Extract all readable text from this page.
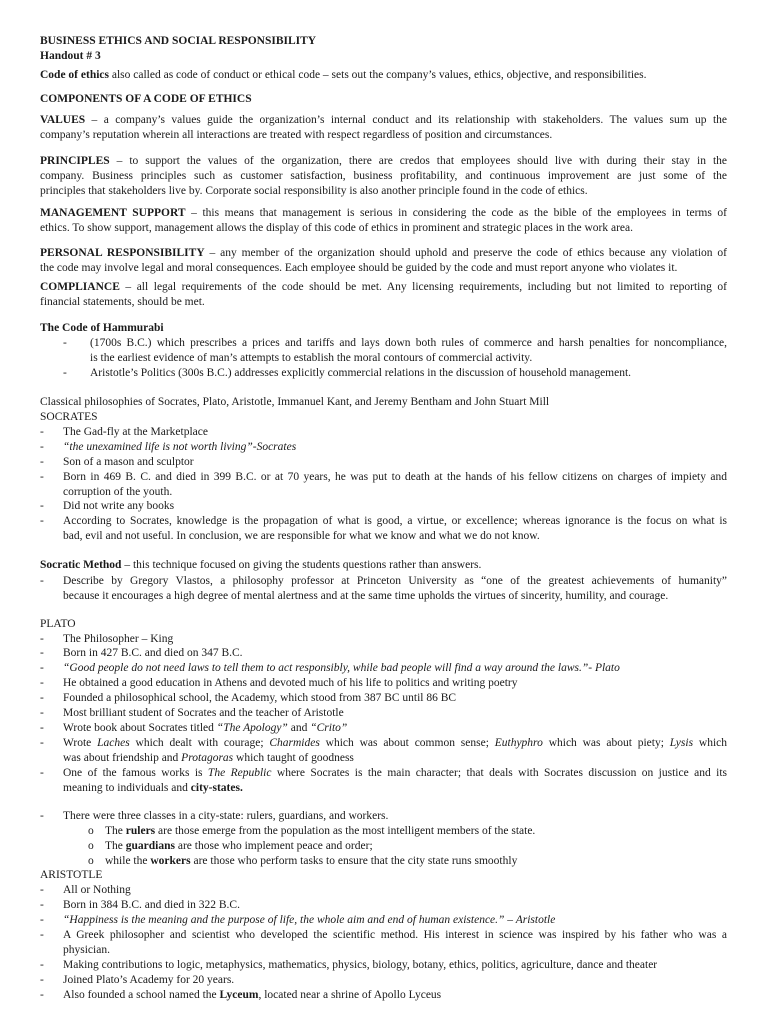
BUSINESS ETHICS AND SOCIAL RESPONSIBILITY
Handout # 3
Code of ethics also called as code of conduct or ethical code – sets out the company’s values, ethics, objective, and responsibilities.
COMPONENTS OF A CODE OF ETHICS
VALUES – a company’s values guide the organization’s internal conduct and its relationship with stakeholders. The values sum up the
company’s reputation wherein all interactions are treated with respect regardless of position and circumstances.
PRINCIPLES – to support the values of the organization, there are credos that employees should live with during their stay in the
company. Business principles such as customer satisfaction, business profitability, and continuous improvement are just some of the
principles that stakeholders live by. Corporate social responsibility is also another principle found in the code of ethics.
MANAGEMENT SUPPORT – this means that management is serious in considering the code as the bible of the employees in terms of
ethics. To show support, management allows the display of this code of ethics in prominent and strategic places in the work area.
PERSONAL RESPONSIBILITY – any member of the organization should uphold and preserve the code of ethics because any violation of
the code may involve legal and moral consequences. Each employee should be guided by the code and must report anyone who violates it.
COMPLIANCE – all legal requirements of the code should be met. Any licensing requirements, including but not limited to reporting of
financial statements, should be met.
The Code of Hammurabi
- (1700s B.C.) which prescribes a prices and tariffs and lays down both rules of commerce and harsh penalties for noncompliance,
is the earliest evidence of man’s attempts to establish the moral contours of commercial activity.
- Aristotle’s Politics (300s B.C.) addresses explicitly commercial relations in the discussion of household management.
Classical philosophies of Socrates, Plato, Aristotle, Immanuel Kant, and Jeremy Bentham and John Stuart Mill
SOCRATES
- The Gad-fly at the Marketplace
- “the unexamined life is not worth living”-Socrates
- Son of a mason and sculptor
- Born in 469 B. C. and died in 399 B.C. or at 70 years, he was put to death at the hands of his fellow citizens on charges of impiety and
corruption of the youth.
- Did not write any books
- According to Socrates, knowledge is the propagation of what is good, a virtue, or excellence; whereas ignorance is the focus on what is
bad, evil and not useful. In conclusion, we are responsible for what we know and what we do not know.
Socratic Method – this technique focused on giving the students questions rather than answers.
- Describe by Gregory Vlastos, a philosophy professor at Princeton University as “one of the greatest achievements of humanity”
because it encourages a high degree of mental alertness and at the same time upholds the virtues of sincerity, humility, and courage.
PLATO
- The Philosopher – King
- Born in 427 B.C. and died on 347 B.C.
- “Good people do not need laws to tell them to act responsibly, while bad people will find a way around the laws.”- Plato
- He obtained a good education in Athens and devoted much of his life to politics and writing poetry
- Founded a philosophical school, the Academy, which stood from 387 BC until 86 BC
- Most brilliant student of Socrates and the teacher of Aristotle
- Wrote book about Socrates titled “The Apology” and “Crito”
- Wrote Laches which dealt with courage; Charmides which was about common sense; Euthyphro which was about piety; Lysis which
was about friendship and Protagoras which taught of goodness
- One of the famous works is The Republic where Socrates is the main character; that deals with Socrates discussion on justice and its
meaning to individuals and city-states.
- There were three classes in a city-state: rulers, guardians, and workers.
o The rulers are those emerge from the population as the most intelligent members of the state.
o The guardians are those who implement peace and order;
o while the workers are those who perform tasks to ensure that the city state runs smoothly
ARISTOTLE
- All or Nothing
- Born in 384 B.C. and died in 322 B.C.
- “Happiness is the meaning and the purpose of life, the whole aim and end of human existence.” – Aristotle
- A Greek philosopher and scientist who developed the scientific method. His interest in science was inspired by his father who was a
physician.
- Making contributions to logic, metaphysics, mathematics, physics, biology, botany, ethics, politics, agriculture, dance and theater
- Joined Plato’s Academy for 20 years.
- Also founded a school named the Lyceum, located near a shrine of Apollo Lyceus
